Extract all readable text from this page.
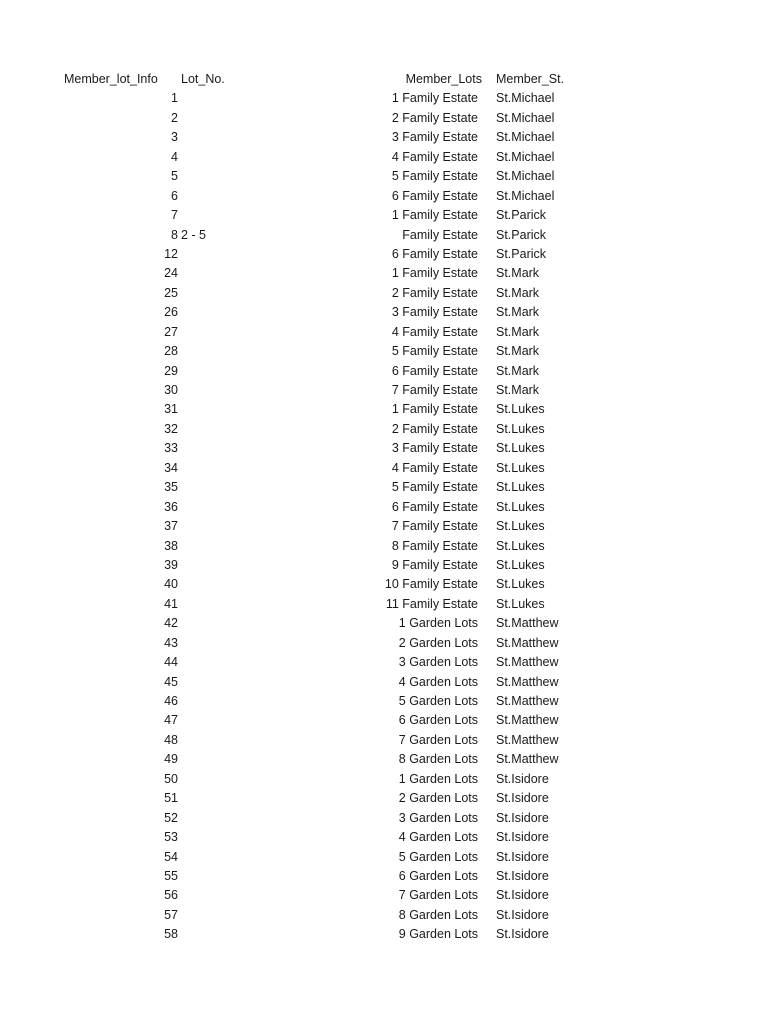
Member_lot_Info Lot_No.	Member_Lots Member_St.
1	1 Family Estate St.Michael
2	2 Family Estate St.Michael
3	3 Family Estate St.Michael
4	4 Family Estate St.Michael
5	5 Family Estate St.Michael
6	6 Family Estate St.Michael
7	1 Family Estate St.Parick
8 2 - 5	Family Estate St.Parick
12	6 Family Estate St.Parick
24	1 Family Estate St.Mark
25	2 Family Estate St.Mark
26	3 Family Estate St.Mark
27	4 Family Estate St.Mark
28	5 Family Estate St.Mark
29	6 Family Estate St.Mark
30	7 Family Estate St.Mark
31	1 Family Estate St.Lukes
32	2 Family Estate St.Lukes
33	3 Family Estate St.Lukes
34	4 Family Estate St.Lukes
35	5 Family Estate St.Lukes
36	6 Family Estate St.Lukes
37	7 Family Estate St.Lukes
38	8 Family Estate St.Lukes
39	9 Family Estate St.Lukes
40	10 Family Estate St.Lukes
41	11 Family Estate St.Lukes
42	1 Garden Lots St.Matthew
43	2 Garden Lots St.Matthew
44	3 Garden Lots St.Matthew
45	4 Garden Lots St.Matthew
46	5 Garden Lots St.Matthew
47	6 Garden Lots St.Matthew
48	7 Garden Lots St.Matthew
49	8 Garden Lots St.Matthew
50	1 Garden Lots St.Isidore
51	2 Garden Lots St.Isidore
52	3 Garden Lots St.Isidore
53	4 Garden Lots St.Isidore
54	5 Garden Lots St.Isidore
55	6 Garden Lots St.Isidore
56	7 Garden Lots St.Isidore
57	8 Garden Lots St.Isidore
58	9 Garden Lots St.Isidore
